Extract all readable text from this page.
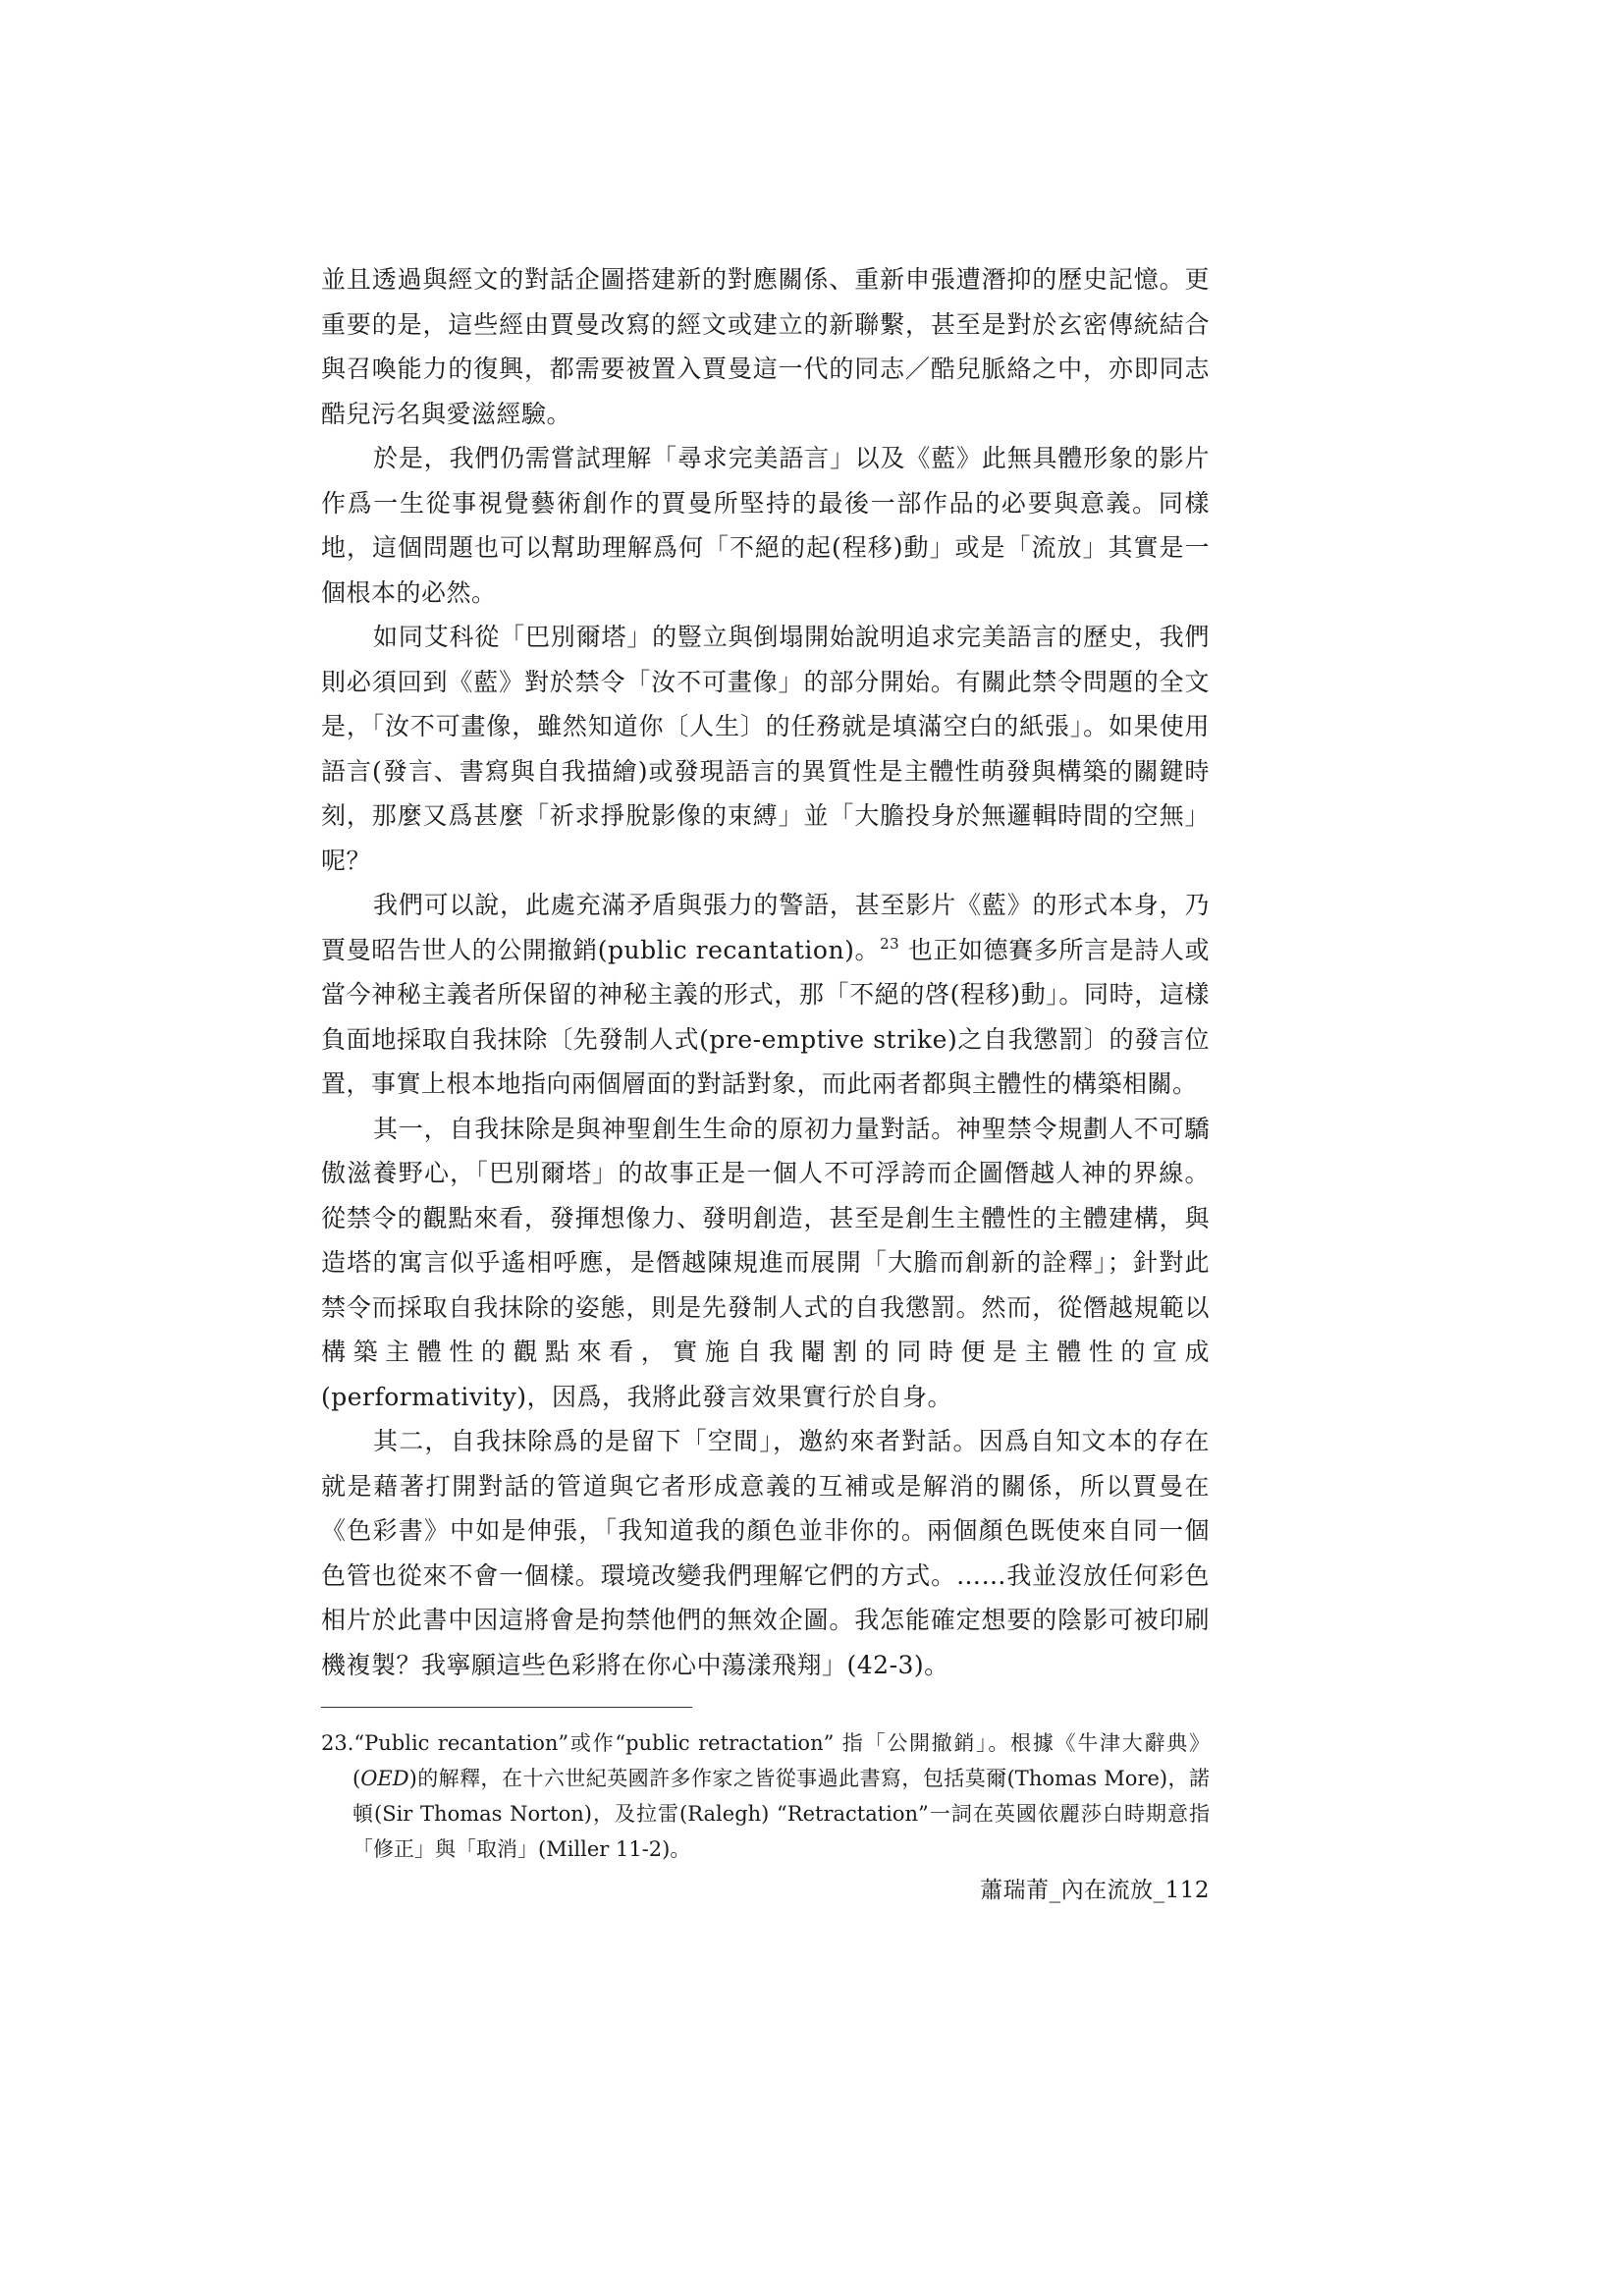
並且透過與經文的對話企圖搭建新的對應關係、重新申張遭潛抑的歷史記憶。更重要的是，這些經由賈曼改寫的經文或建立的新聯繫，甚至是對於玄密傳統結合與召喚能力的復興，都需要被置入賈曼這一代的同志／酷兒脈絡之中，亦即同志酷兒污名與愛滋經驗。

於是，我們仍需嘗試理解「尋求完美語言」以及《藍》此無具體形象的影片作爲一生從事視覺藝術創作的賈曼所堅持的最後一部作品的必要與意義。同樣地，這個問題也可以幫助理解爲何「不絕的起(程移)動」或是「流放」其實是一個根本的必然。

如同艾科從「巴別爾塔」的豎立與倒塌開始說明追求完美語言的歷史，我們則必須回到《藍》對於禁令「汝不可畫像」的部分開始。有關此禁令問題的全文是，「汝不可畫像，雖然知道你〔人生〕的任務就是填滿空白的紙張」。如果使用語言(發言、書寫與自我描繪)或發現語言的異質性是主體性萌發與構築的關鍵時刻，那麼又爲甚麼「祈求掙脫影像的束縛」並「大膽投身於無邏輯時間的空無」呢？

我們可以說，此處充滿矛盾與張力的警語，甚至影片《藍》的形式本身，乃賈曼昭告世人的公開撤銷(public recantation)。$^{23}$ 也正如德賽多所言是詩人或當今神秘主義者所保留的神秘主義的形式，那「不絕的啓(程移)動」。同時，這樣負面地採取自我抹除〔先發制人式(pre-emptive strike)之自我懲罰〕的發言位置，事實上根本地指向兩個層面的對話對象，而此兩者都與主體性的構築相關。

其一，自我抹除是與神聖創生生命的原初力量對話。神聖禁令規劃人不可驕傲滋養野心，「巴別爾塔」的故事正是一個人不可浮誇而企圖僭越人神的界線。從禁令的觀點來看，發揮想像力、發明創造，甚至是創生主體性的主體建構，與造塔的寓言似乎遙相呼應，是僭越陳規進而展開「大膽而創新的詮釋」；針對此禁令而採取自我抹除的姿態，則是先發制人式的自我懲罰。然而，從僭越規範以構築主體性的觀點來看，實施自我閹割的同時便是主體性的宣成(performativity)，因爲，我將此發言效果實行於自身。

其二，自我抹除爲的是留下「空間」，邀約來者對話。因爲自知文本的存在就是藉著打開對話的管道與它者形成意義的互補或是解消的關係，所以賈曼在《色彩書》中如是伸張，「我知道我的顏色並非你的。兩個顏色既使來自同一個色管也從來不會一個樣。環境改變我們理解它們的方式。……我並沒放任何彩色相片於此書中因這將會是拘禁他們的無效企圖。我怎能確定想要的陰影可被印刷機複製？我寧願這些色彩將在你心中蕩漾飛翔」(42-3)。

23.“Public recantation”或作“public retractation” 指「公開撤銷」。根據《牛津大辭典》(OED)的解釋，在十六世紀英國許多作家之皆從事過此書寫，包括莫爾(Thomas More)，諾頓(Sir Thomas Norton)，及拉雷(Ralegh) “Retractation”一詞在英國依麗莎白時期意指「修正」與「取消」(Miller 11-2)。

蕭瑞莆_內在流放_112
